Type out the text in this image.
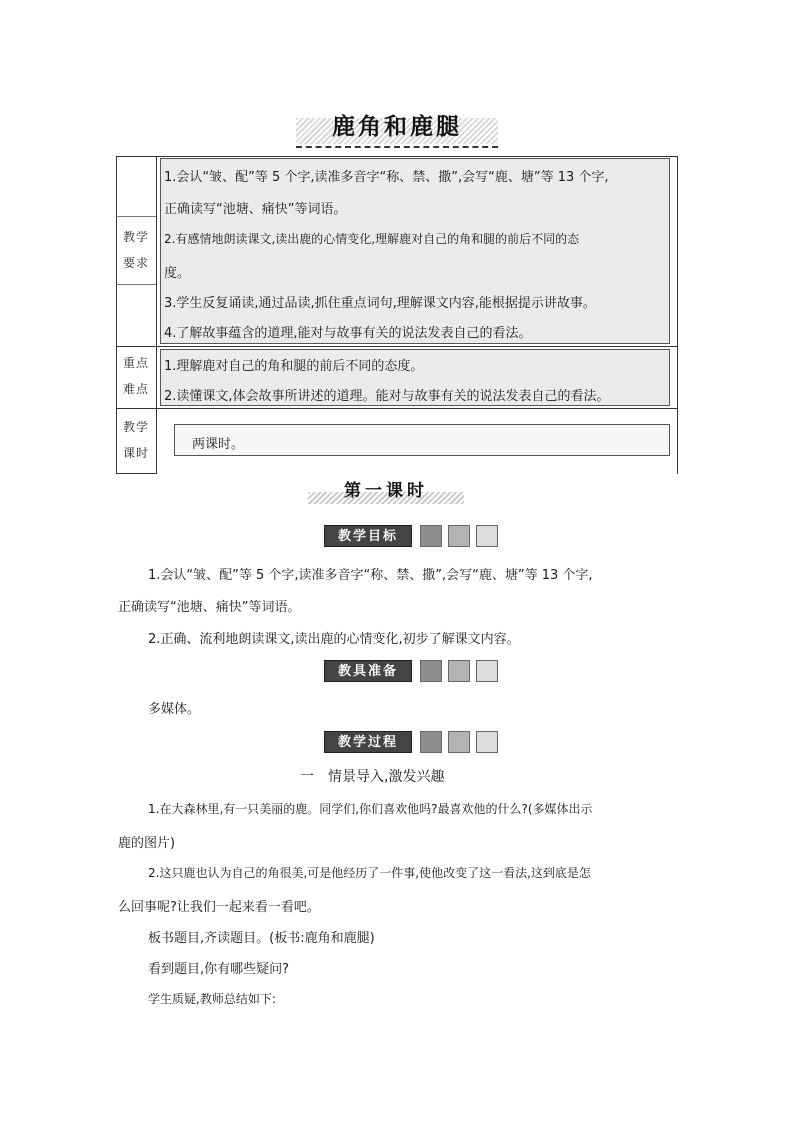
鹿角和鹿腿
教学
要求
重点
难点
教学
课时
1.会认“皱、配”等 5 个字,读准多音字“称、禁、撒”,会写“鹿、塘”等 13 个字,
正确读写“池塘、痛快”等词语。
2.有感情地朗读课文,读出鹿的心情变化,理解鹿对自己的角和腿的前后不同的态
度。
3.学生反复诵读,通过品读,抓住重点词句,理解课文内容,能根据提示讲故事。
4.了解故事蕴含的道理,能对与故事有关的说法发表自己的看法。
1.理解鹿对自己的角和腿的前后不同的态度。
2.读懂课文,体会故事所讲述的道理。能对与故事有关的说法发表自己的看法。
两课时。
第一课时
教学目标
1.会认“皱、配”等 5 个字,读准多音字“称、禁、撒”,会写“鹿、塘”等 13 个字,
正确读写“池塘、痛快”等词语。
2.正确、流利地朗读课文,读出鹿的心情变化,初步了解课文内容。
教具准备
多媒体。
教学过程
一　情景导入,激发兴趣
1.在大森林里,有一只美丽的鹿。同学们,你们喜欢他吗?最喜欢他的什么?(多媒体出示
鹿的图片)
2.这只鹿也认为自己的角很美,可是他经历了一件事,使他改变了这一看法,这到底是怎
么回事呢?让我们一起来看一看吧。
板书题目,齐读题目。(板书:鹿角和鹿腿)
看到题目,你有哪些疑问?
学生质疑,教师总结如下:
